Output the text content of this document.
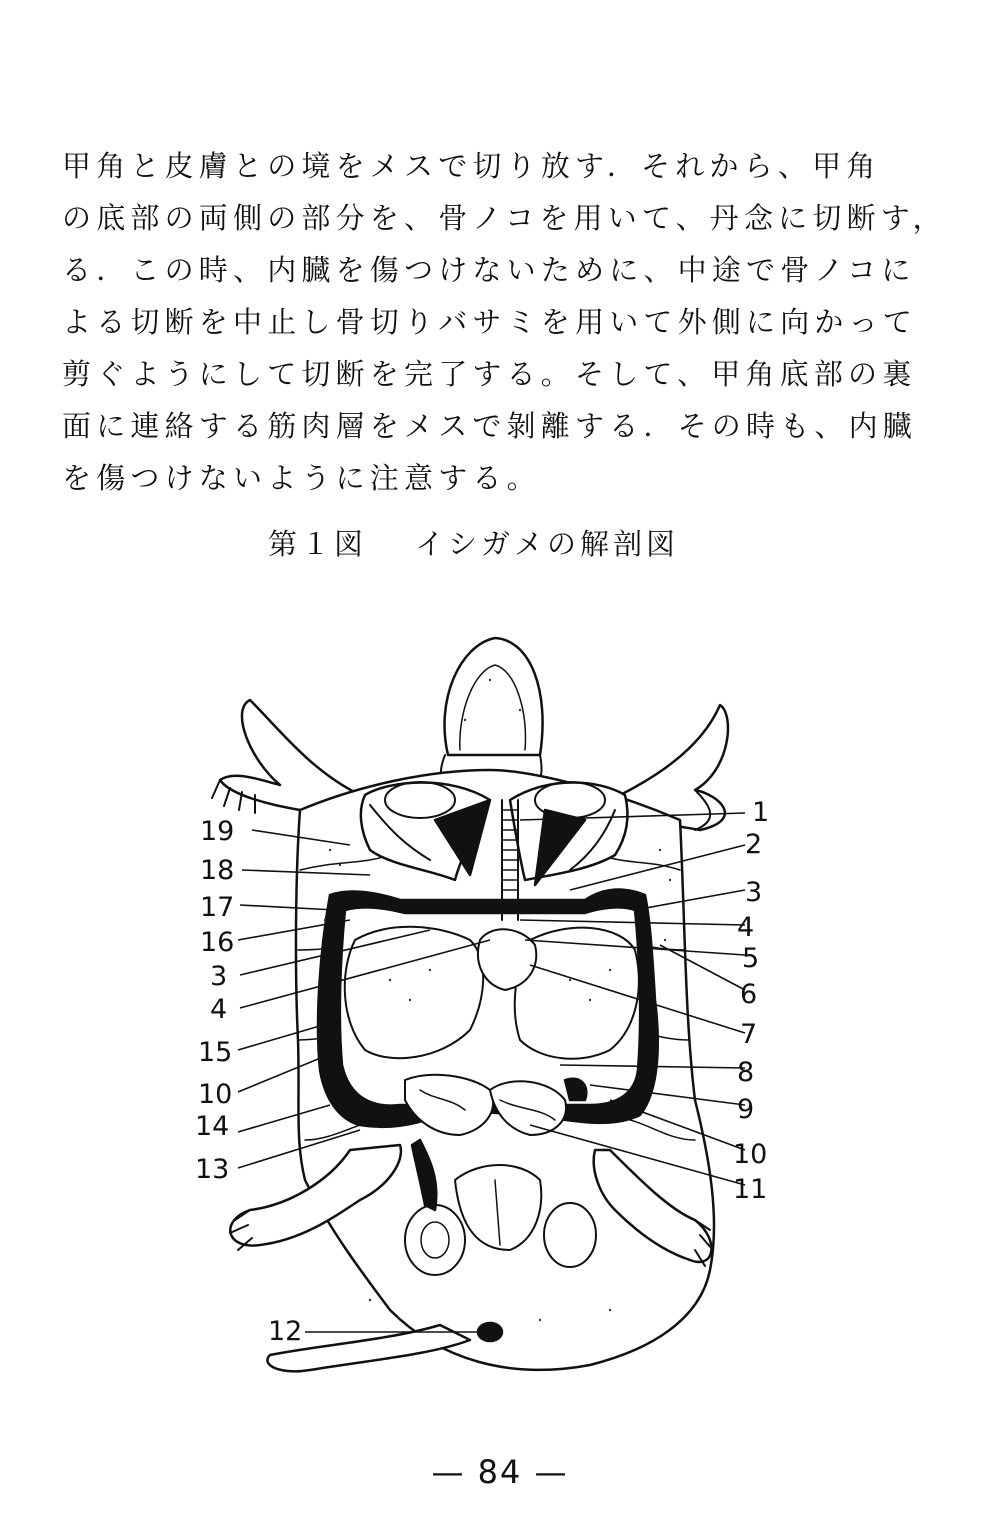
甲角と皮膚との境をメスで切り放す．それから、甲角
の底部の両側の部分を、骨ノコを用いて、丹念に切断す，
る．この時、内臓を傷つけないために、中途で骨ノコに
よる切断を中止し骨切りバサミを用いて外側に向かって
剪ぐようにして切断を完了する。そして、甲角底部の裏
面に連絡する筋肉層をメスで剝離する．その時も、内臓
を傷つけないように注意する。
第１図 イシガメの解剖図
1
2
3
4
5
6
7
8
9
10
11
19
18
17
16
3
4
15
10
14
13
12
— 84 —
